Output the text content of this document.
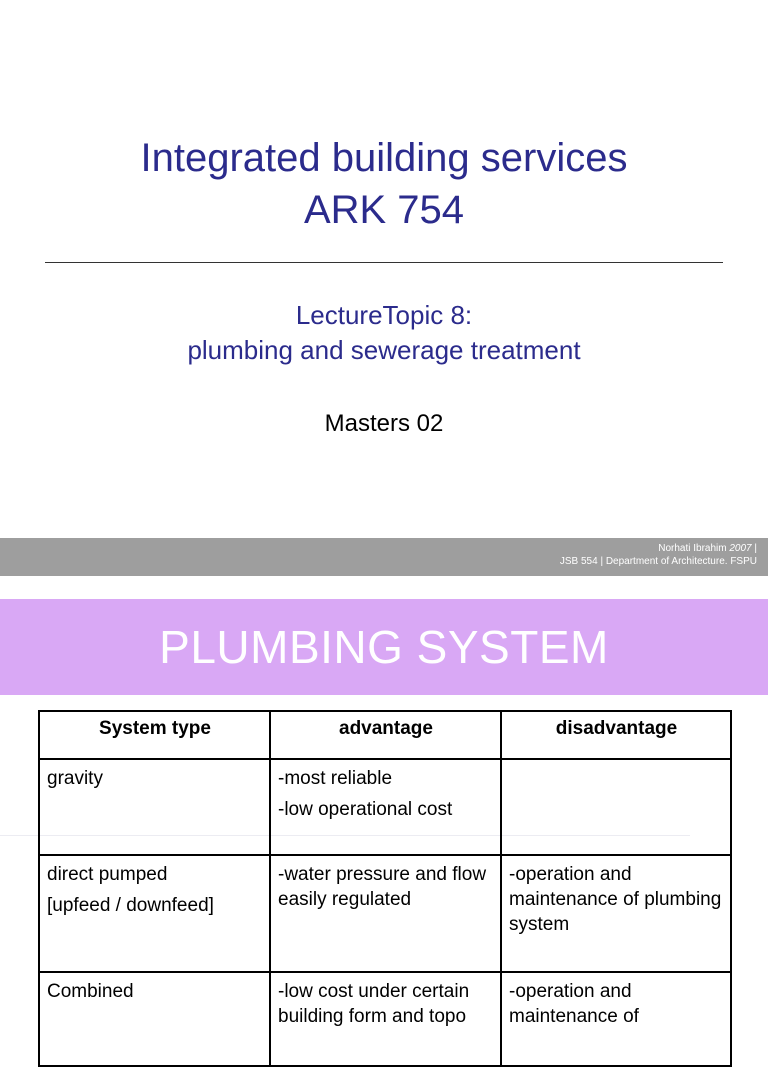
Integrated building services
ARK 754
LectureTopic 8:
plumbing and sewerage treatment
Masters 02
Norhati Ibrahim 2007 |
JSB 554 | Department of Architecture. FSPU
PLUMBING SYSTEM
System type	advantage	disadvantage

gravity	-most reliable

-low operational cost	

direct pumped

[upfeed / downfeed]	-water pressure and flow easily regulated	-operation and maintenance of plumbing system

Combined	-low cost under certain building form and topo	-operation and maintenance of
